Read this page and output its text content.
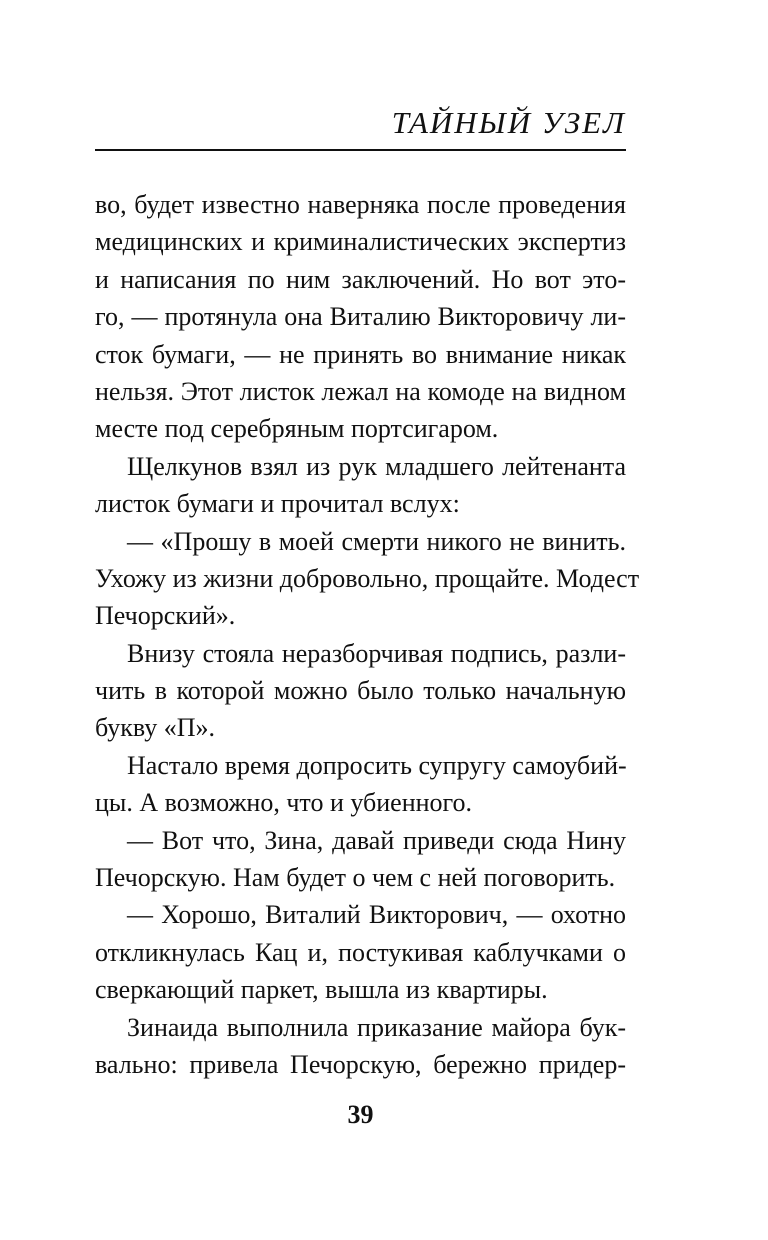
ТАЙНЫЙ УЗЕЛ
во, будет известно наверняка после проведения
медицинских и криминалистических экспертиз
и написания по ним заключений. Но вот это-
го, — протянула она Виталию Викторовичу ли-
сток бумаги, — не принять во внимание никак
нельзя. Этот листок лежал на комоде на видном
месте под серебряным портсигаром.
Щелкунов взял из рук младшего лейтенанта
листок бумаги и прочитал вслух:
— «Прошу в моей смерти никого не винить.
Ухожу из жизни добровольно, прощайте. Модест
Печорский».
Внизу стояла неразборчивая подпись, разли-
чить в которой можно было только начальную
букву «П».
Настало время допросить супругу самоубий-
цы. А возможно, что и убиенного.
— Вот что, Зина, давай приведи сюда Нину
Печорскую. Нам будет о чем с ней поговорить.
— Хорошо, Виталий Викторович, — охотно
откликнулась Кац и, постукивая каблучками о
сверкающий паркет, вышла из квартиры.
Зинаида выполнила приказание майора бук-
вально: привела Печорскую, бережно придер-
39
